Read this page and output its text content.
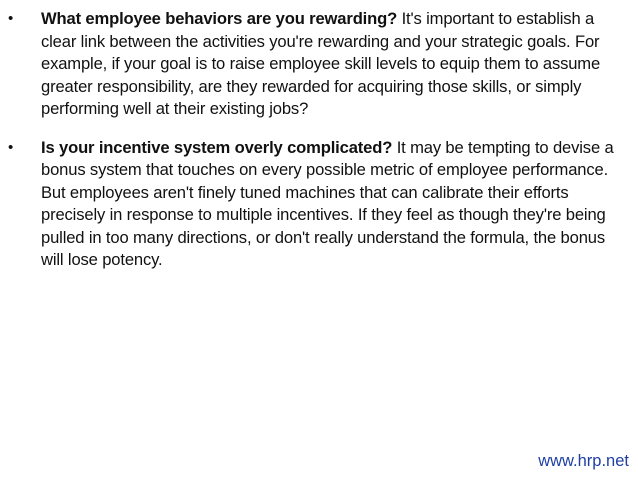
•	What employee behaviors are you rewarding? It's important to establish a clear link between the activities you're rewarding and your strategic goals. For example, if your goal is to raise employee skill levels to equip them to assume greater responsibility, are they rewarded for acquiring those skills, or simply performing well at their existing jobs?
•	Is your incentive system overly complicated? It may be tempting to devise a bonus system that touches on every possible metric of employee performance. But employees aren't finely tuned machines that can calibrate their efforts precisely in response to multiple incentives. If they feel as though they're being pulled in too many directions, or don't really understand the formula, the bonus will lose potency.
www.hrp.net
